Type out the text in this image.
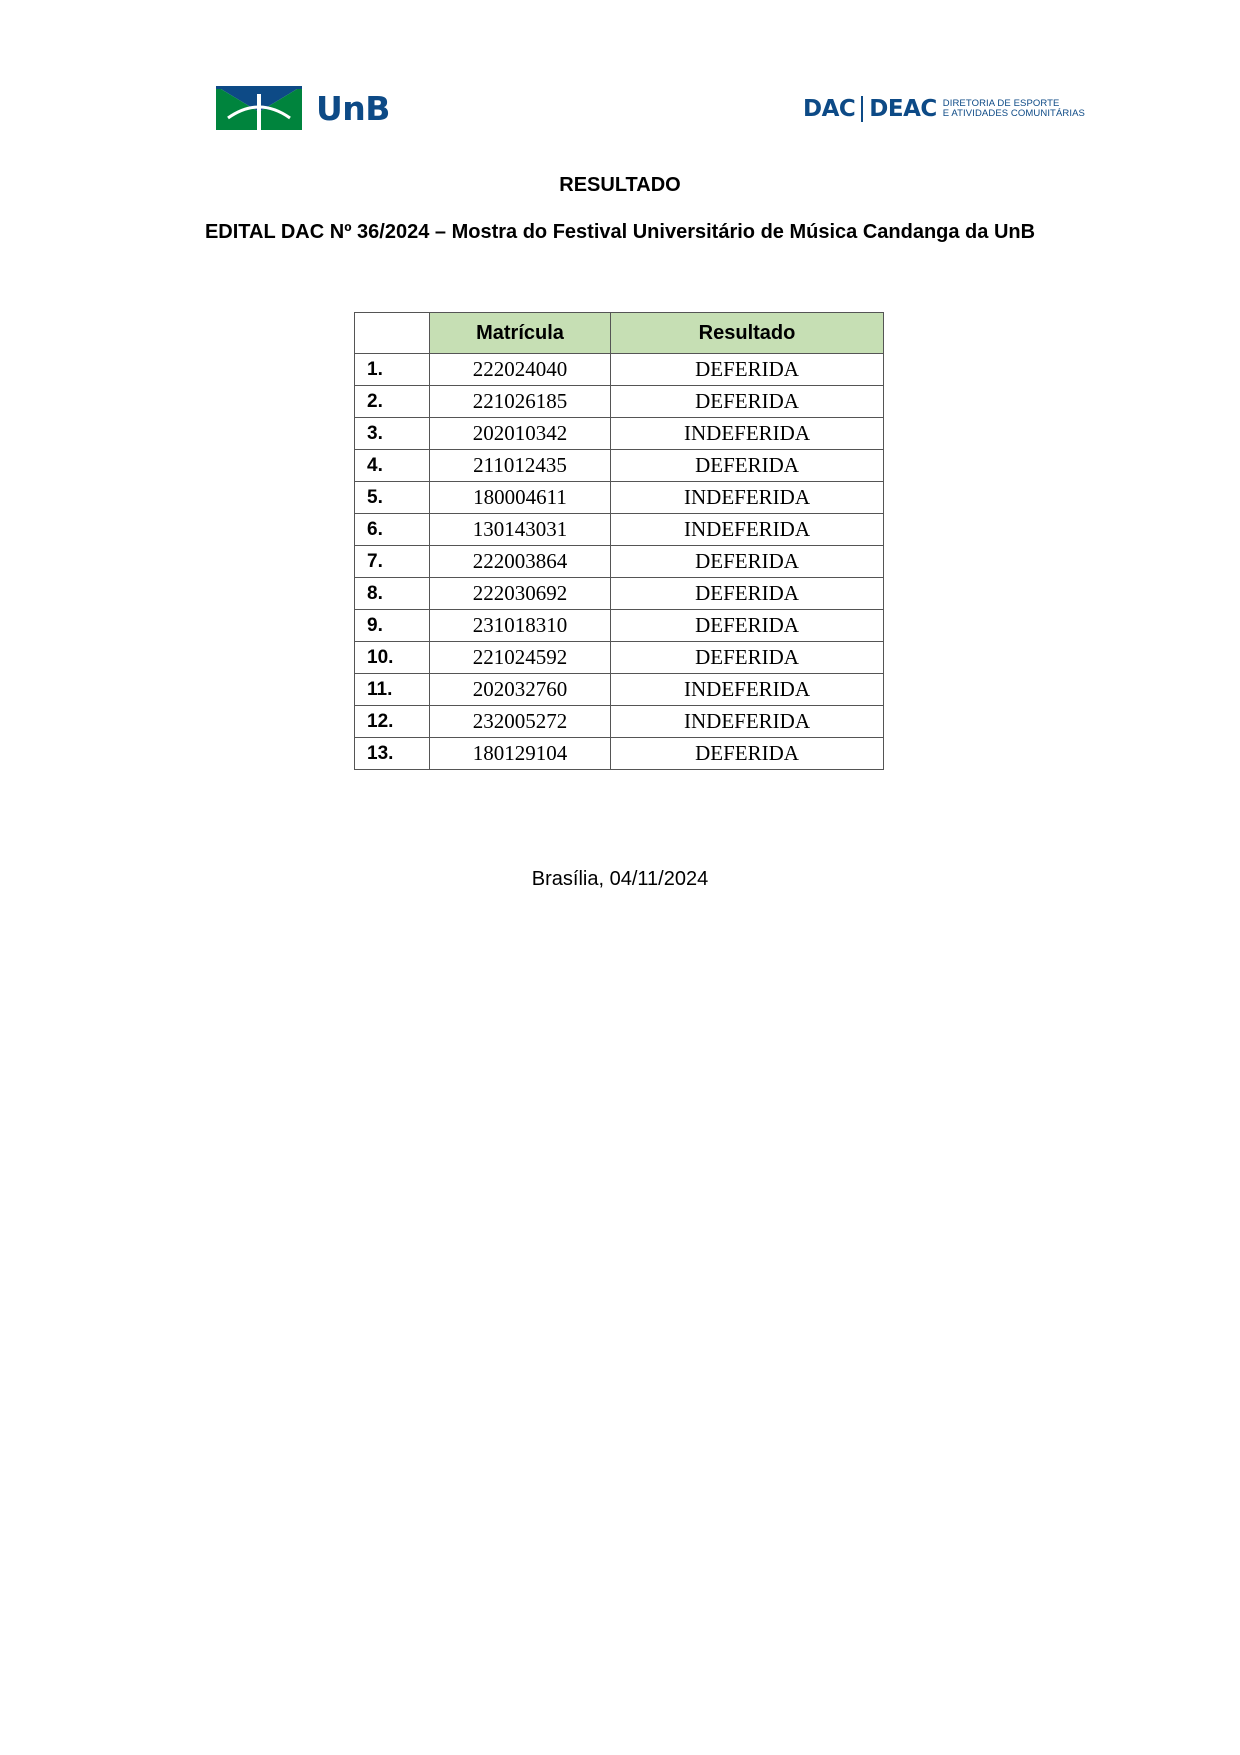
UnB	DAC DEAC DIRETORIA DE ESPORTE
E ATIVIDADES COMUNITÁRIAS
RESULTADO
EDITAL DAC Nº 36/2024 – Mostra do Festival Universitário de Música Candanga da UnB
	Matrícula	Resultado
1.	222024040	DEFERIDA
2.	221026185	DEFERIDA
3.	202010342	INDEFERIDA
4.	211012435	DEFERIDA
5.	180004611	INDEFERIDA
6.	130143031	INDEFERIDA
7.	222003864	DEFERIDA
8.	222030692	DEFERIDA
9.	231018310	DEFERIDA
10.	221024592	DEFERIDA
11.	202032760	INDEFERIDA
12.	232005272	INDEFERIDA
13.	180129104	DEFERIDA
Brasília, 04/11/2024
